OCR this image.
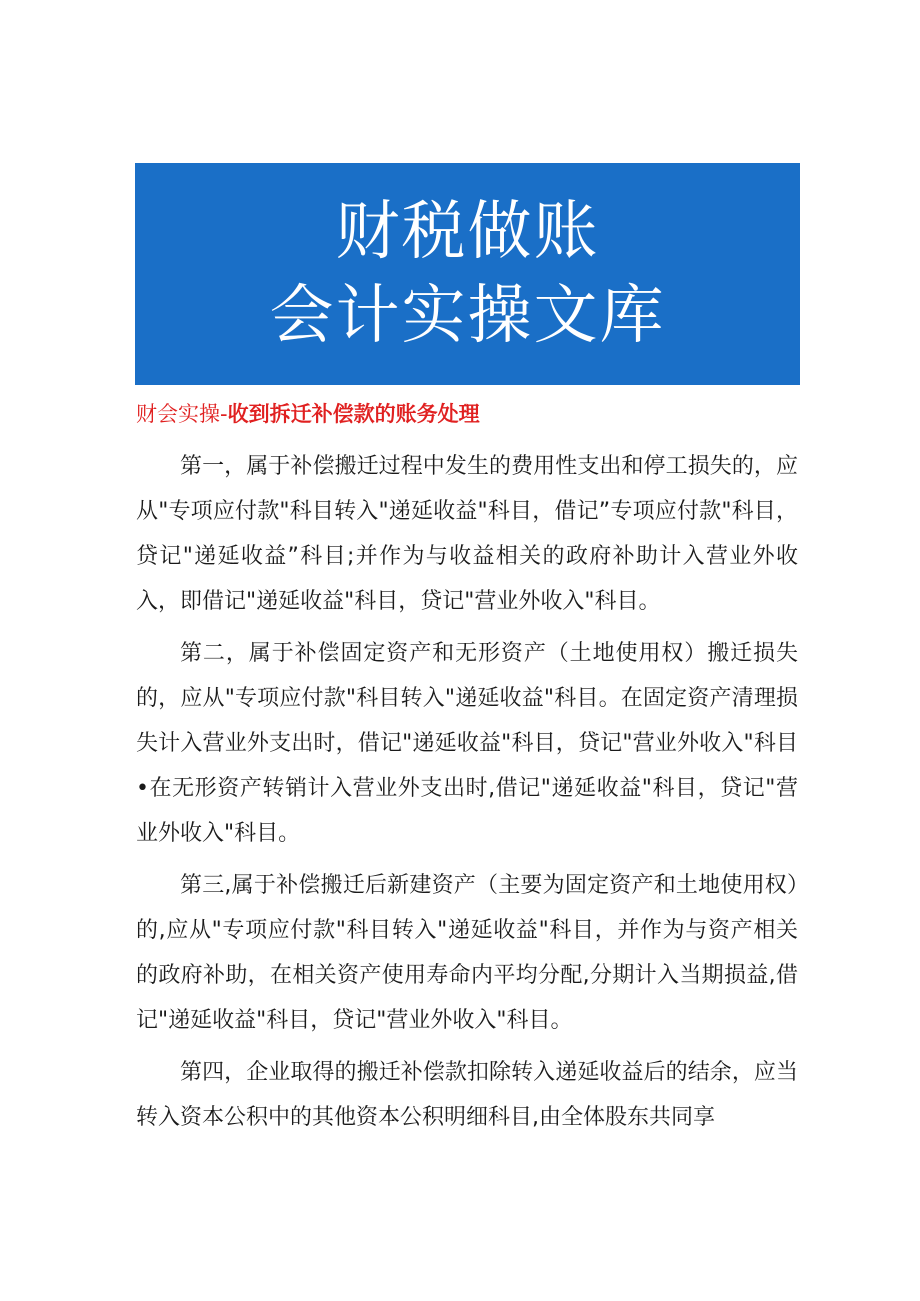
财税做账
会计实操文库

财会实操-收到拆迁补偿款的账务处理

第一，属于补偿搬迁过程中发生的费用性支出和停工损失的，应从"专项应付款"科目转入"递延收益"科目，借记”专项应付款"科目，贷记"递延收益”科目;并作为与收益相关的政府补助计入营业外收入，即借记"递延收益"科目，贷记"营业外收入"科目。

第二，属于补偿固定资产和无形资产（土地使用权）搬迁损失的，应从"专项应付款"科目转入"递延收益"科目。在固定资产清理损失计入营业外支出时，借记"递延收益"科目，贷记"营业外收入"科目•在无形资产转销计入营业外支出时,借记"递延收益"科目，贷记"营业外收入"科目。

第三,属于补偿搬迁后新建资产（主要为固定资产和土地使用权）的,应从"专项应付款"科目转入"递延收益"科目，并作为与资产相关的政府补助，在相关资产使用寿命内平均分配,分期计入当期损益,借记"递延收益"科目，贷记"营业外收入"科目。

第四，企业取得的搬迁补偿款扣除转入递延收益后的结余，应当转入资本公积中的其他资本公积明细科目,由全体股东共同享
